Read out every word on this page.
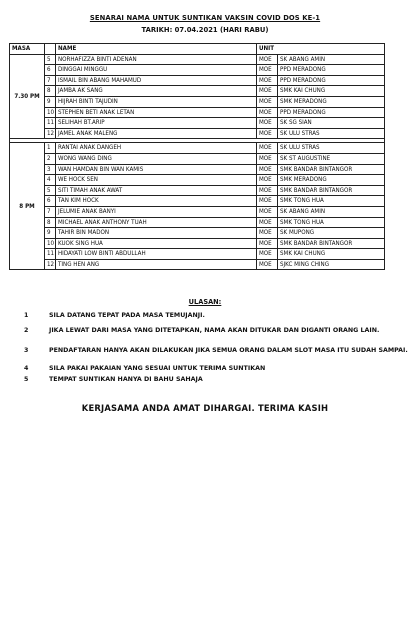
SENARAI NAMA UNTUK SUNTIKAN VAKSIN COVID DOS KE-1
TARIKH: 07.04.2021 (HARI RABU)
MASA		NAME	UNIT	
7.30 PM	5	NORHAFIZZA BINTI ADENAN	MOE	SK ABANG AMIN
	6	DINGGAI MINGGU	MOE	PPD MERADONG
	7	ISMAIL BIN ABANG MAHAMUD	MOE	PPD MERADONG
	8	JAMBA AK SANG	MOE	SMK KAI CHUNG
	9	HIJRAH BINTI TAJUDIN	MOE	SMK MERADONG
	10	STEPHEN BETI ANAK LETAN	MOE	PPD MERADONG
	11	SELIHAH BT.ARIP	MOE	SK SG SIAN
	12	JAMEL ANAK MALENG	MOE	SK ULU STRAS

8 PM	1	RANTAI ANAK DANGEH	MOE	SK ULU STRAS
	2	WONG WANG DING	MOE	SK ST AUGUSTINE
	3	WAN HAMDAN BIN WAN KAMIS	MOE	SMK BANDAR BINTANGOR
	4	WE HOCK SEN	MOE	SMK MERADONG
	5	SITI TIMAH ANAK AWAT	MOE	SMK BANDAR BINTANGOR
	6	TAN KIM HOCK	MOE	SMK TONG HUA
	7	JELUMIE ANAK BANYI	MOE	SK ABANG AMIN
	8	MICHAEL ANAK ANTHONY TUAH	MOE	SMK TONG HUA
	9	TAHIR BIN MADON	MOE	SK MUPONG
	10	KUOK SING HUA	MOE	SMK BANDAR BINTANGOR
	11	HIDAYATI LOW BINTI ABDULLAH	MOE	SMK KAI CHUNG
	12	TING HEN ANG	MOE	SJKC MING CHING
ULASAN:
1	SILA DATANG TEPAT PADA MASA TEMUJANJI.
2	JIKA LEWAT DARI MASA YANG DITETAPKAN, NAMA AKAN DITUKAR DAN DIGANTI ORANG LAIN.
3	PENDAFTARAN HANYA AKAN DILAKUKAN JIKA SEMUA ORANG DALAM SLOT MASA ITU SUDAH SAMPAI.
4	SILA PAKAI PAKAIAN YANG SESUAI UNTUK TERIMA SUNTIKAN
5	TEMPAT SUNTIKAN HANYA DI BAHU SAHAJA
KERJASAMA ANDA AMAT DIHARGAI. TERIMA KASIH
